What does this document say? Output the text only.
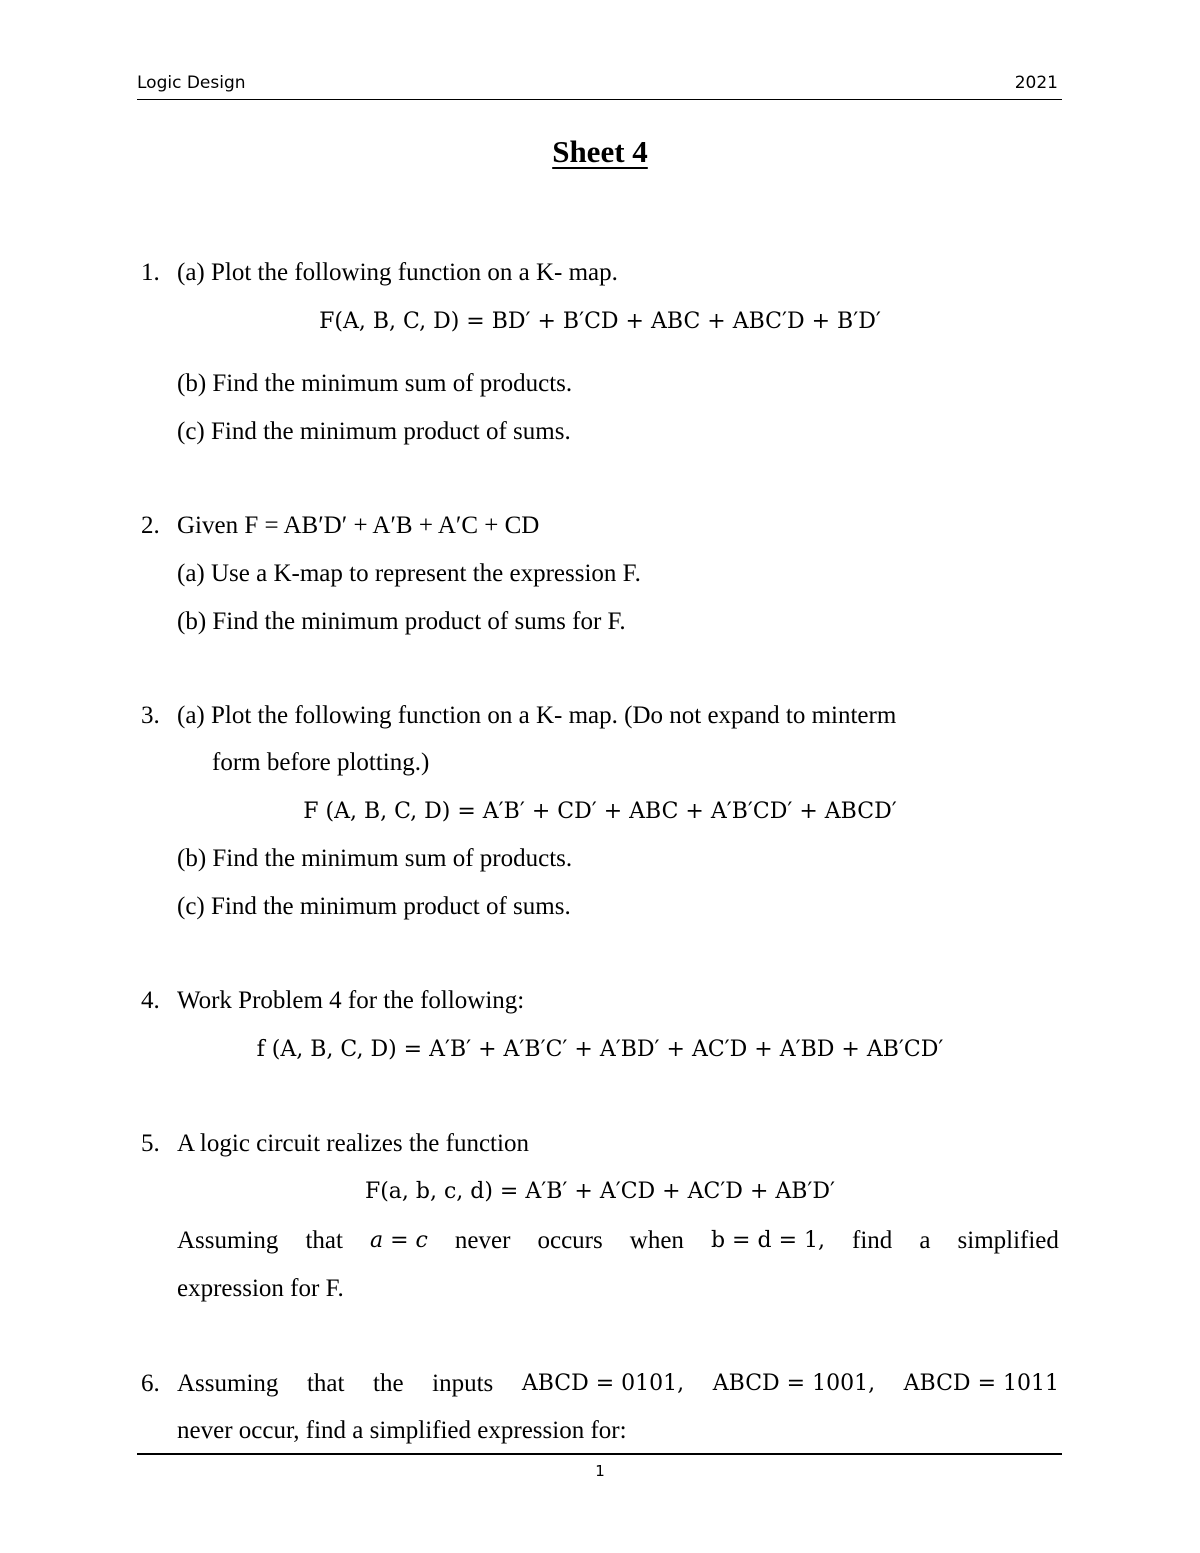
Logic Design	2021
Sheet 4
1. (a) Plot the following function on a K- map.
F(A, B, C, D) = BD′ + B′CD + ABC + ABC′D + B′D′
(b) Find the minimum sum of products.
(c) Find the minimum product of sums.
2. Given F = AB′D′ + A′B + A′C + CD
(a) Use a K-map to represent the expression F.
(b) Find the minimum product of sums for F.
3. (a) Plot the following function on a K- map. (Do not expand to minterm
form before plotting.)
F (A, B, C, D) = A′B′ + CD′ + ABC + A′B′CD′ + ABCD′
(b) Find the minimum sum of products.
(c) Find the minimum product of sums.
4. Work Problem 4 for the following:
f (A, B, C, D) = A′B′ + A′B′C′ + A′BD′ + AC′D + A′BD + AB′CD′
5. A logic circuit realizes the function
F(a, b, c, d) = A′B′ + A′CD + AC′D + AB′D′
Assuming that a = c never occurs when b = d = 1, find a simplified
expression for F.
6. Assuming that the inputs ABCD = 0101, ABCD = 1001, ABCD = 1011
never occur, find a simplified expression for:
1
